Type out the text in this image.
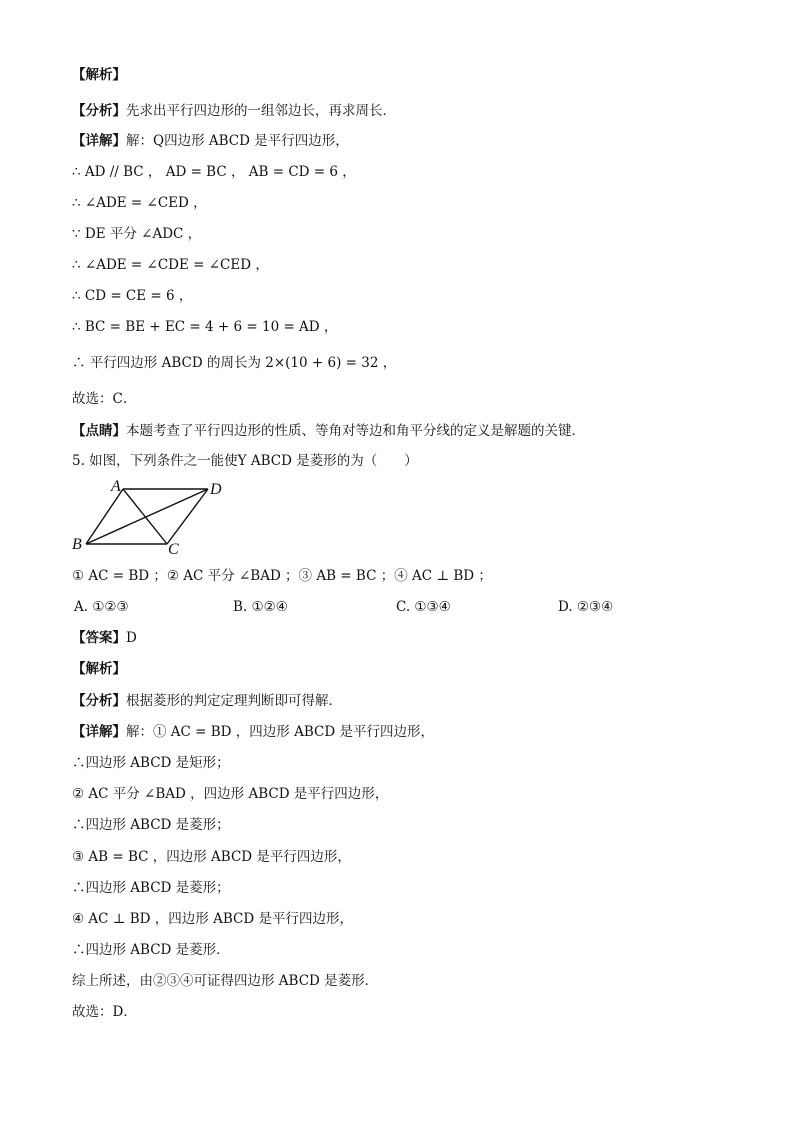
【解析】
【分析】先求出平行四边形的一组邻边长，再求周长．
【详解】解：Q四边形 ABCD 是平行四边形，
∴ AD // BC ， AD = BC ， AB = CD = 6 ，
∴ ∠ADE = ∠CED ，
∵ DE 平分 ∠ADC ，
∴ ∠ADE = ∠CDE = ∠CED ，
∴ CD = CE = 6 ，
∴ BC = BE + EC = 4 + 6 = 10 = AD ，
∴ 平行四边形 ABCD 的周长为 2×(10 + 6) = 32 ，
故选：C．
【点睛】本题考查了平行四边形的性质、等角对等边和角平分线的定义是解题的关键．
5. 如图，下列条件之一能使Y ABCD 是菱形的为（　　）
A	D
B	C
① AC = BD ；② AC 平分 ∠BAD ；③ AB = BC ；④ AC ⊥ BD ；
A. ①②③	B. ①②④	C. ①③④	D. ②③④
【答案】D
【解析】
【分析】根据菱形的判定定理判断即可得解．
【详解】解：① AC = BD ，四边形 ABCD 是平行四边形，
∴四边形 ABCD 是矩形；
② AC 平分 ∠BAD ，四边形 ABCD 是平行四边形，
∴四边形 ABCD 是菱形；
③ AB = BC ，四边形 ABCD 是平行四边形，
∴四边形 ABCD 是菱形；
④ AC ⊥ BD ，四边形 ABCD 是平行四边形，
∴四边形 ABCD 是菱形．
综上所述，由②③④可证得四边形 ABCD 是菱形．
故选：D．
